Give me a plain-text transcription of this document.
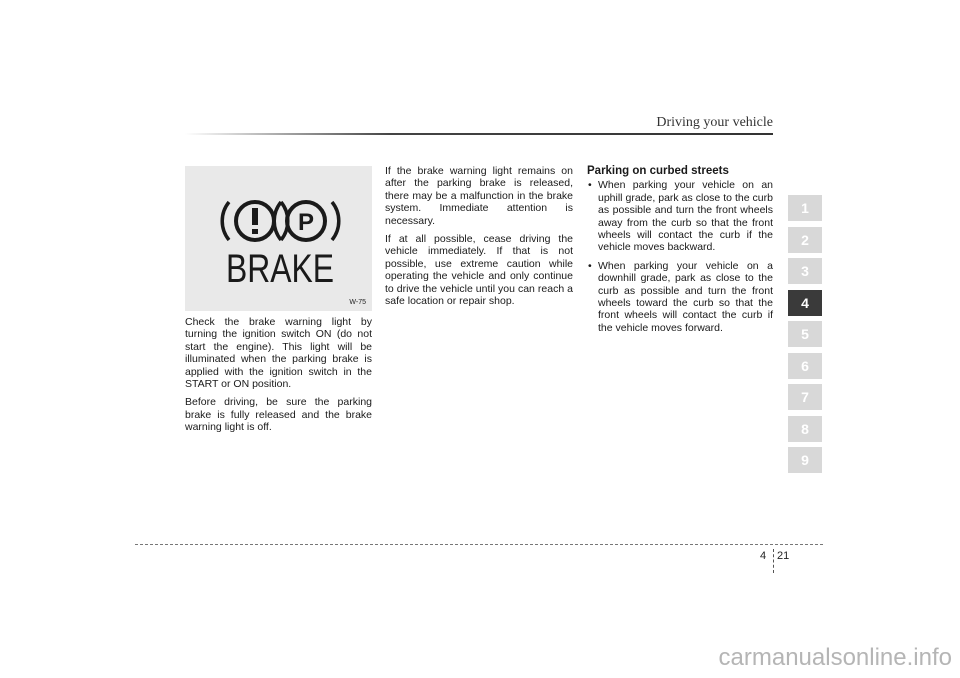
Driving your vehicle
P
BRAKE
W-75

Check the brake warning light by turning the ignition switch ON (do not start the engine). This light will be illuminated when the parking brake is applied with the ignition switch in the START or ON position.

Before driving, be sure the parking brake is fully released and the brake warning light is off.

If the brake warning light remains on after the parking brake is released, there may be a malfunction in the brake system. Immediate attention is necessary.

If at all possible, cease driving the vehicle immediately. If that is not possible, use extreme caution while operating the vehicle and only continue to drive the vehicle until you can reach a safe location or repair shop.

Parking on curbed streets
• When parking your vehicle on an uphill grade, park as close to the curb as possible and turn the front wheels away from the curb so that the front wheels will contact the curb if the vehicle moves backward.
• When parking your vehicle on a downhill grade, park as close to the curb as possible and turn the front wheels toward the curb so that the front wheels will contact the curb if the vehicle moves forward.
1
2
3
4
5
6
7
8
9
4 21
carmanualsonline.info
